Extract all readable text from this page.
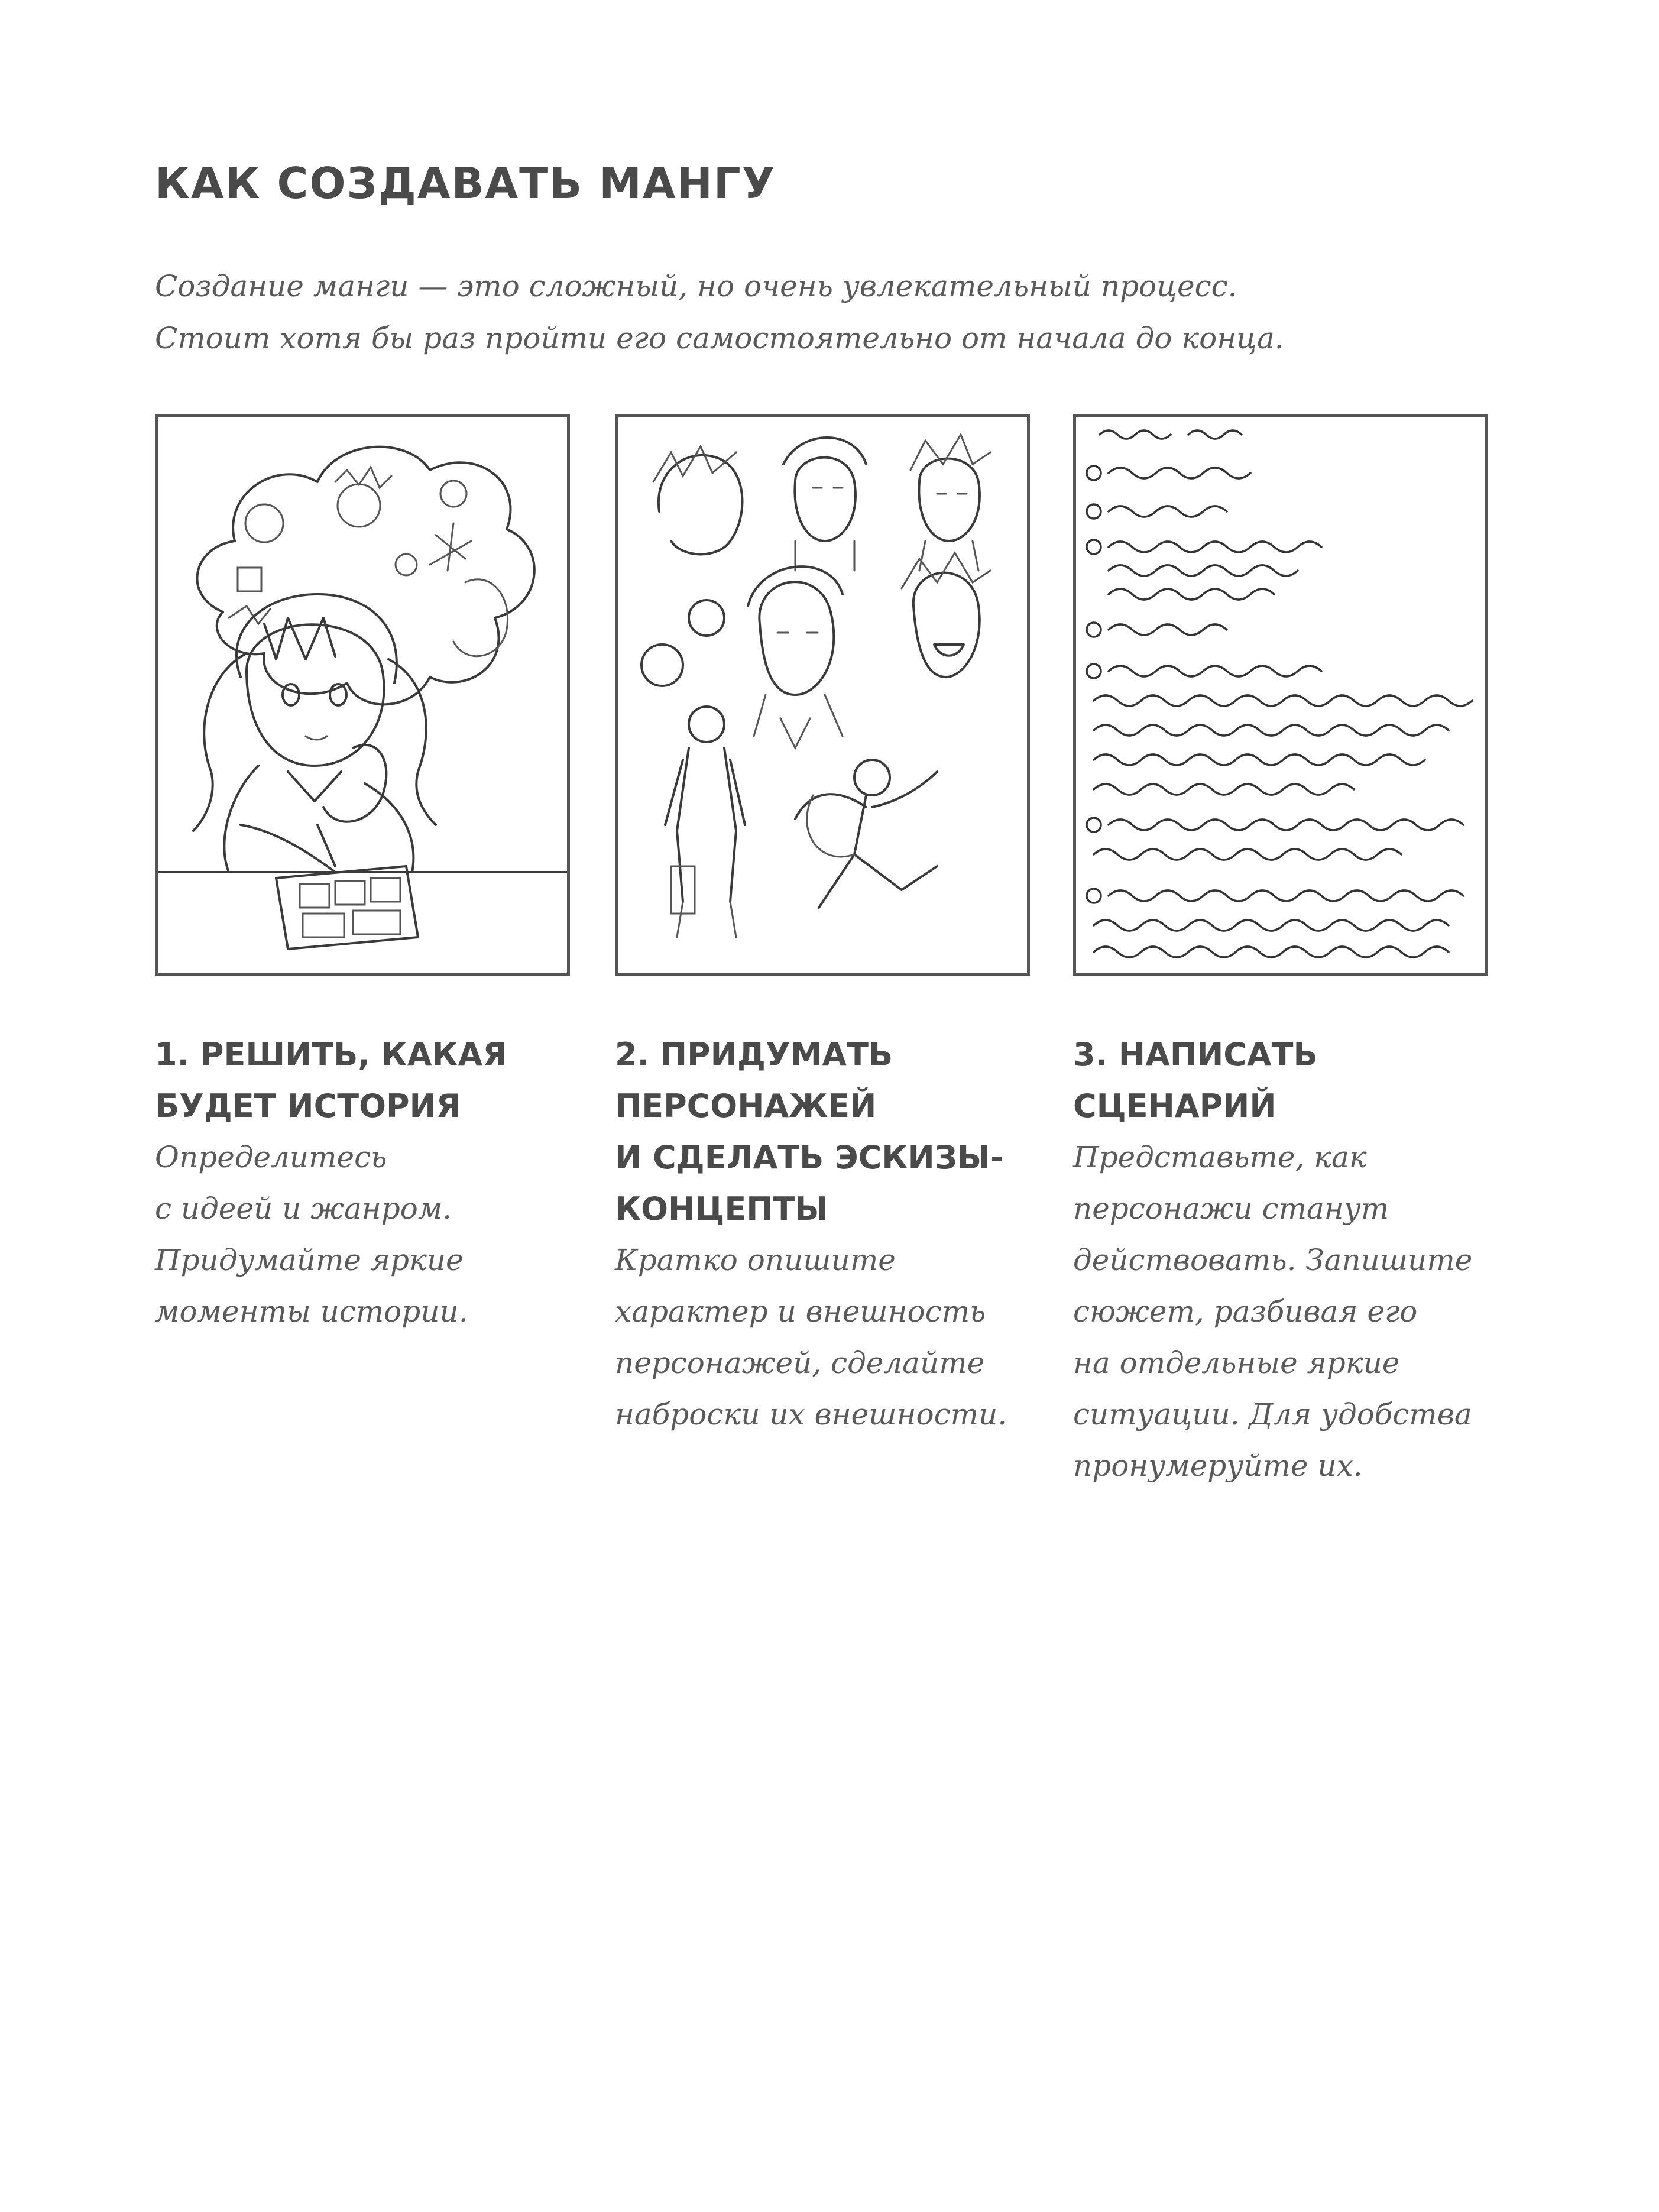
КАК СОЗДАВАТЬ МАНГУ
Создание манги — это сложный, но очень увлекательный процесс.
Стоит хотя бы раз пройти его самостоятельно от начала до конца.

1. РЕШИТЬ, КАКАЯ
БУДЕТ ИСТОРИЯ

Определитесь
с идеей и жанром.
Придумайте яркие
моменты истории.

2. ПРИДУМАТЬ
ПЕРСОНАЖЕЙ
И СДЕЛАТЬ ЭСКИЗЫ-
КОНЦЕПТЫ

Кратко опишите
характер и внешность
персонажей, сделайте
наброски их внешности.

3. НАПИСАТЬ
СЦЕНАРИЙ

Представьте, как
персонажи станут
действовать. Запишите
сюжет, разбивая его
на отдельные яркие
ситуации. Для удобства
пронумеруйте их.
